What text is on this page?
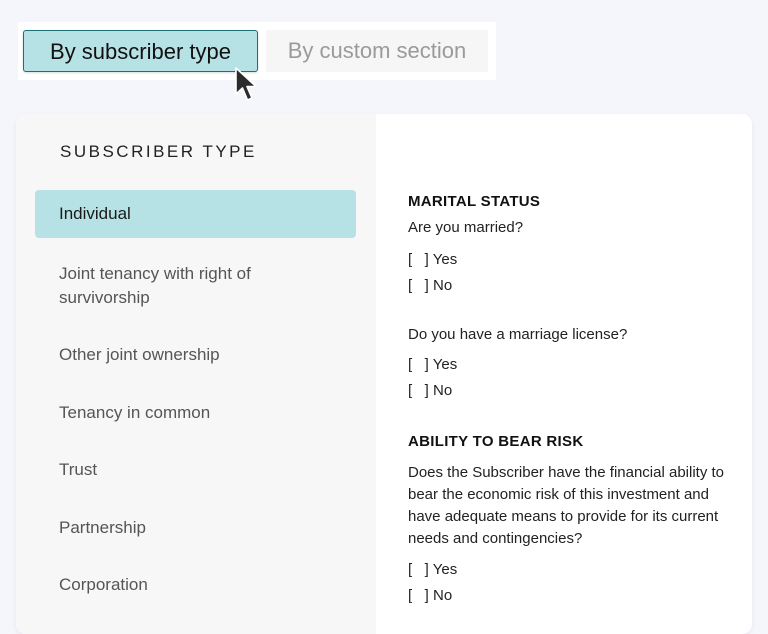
By subscriber type	By custom section
SUBSCRIBER TYPE
Individual
Joint tenancy with right of survivorship
Other joint ownership
Tenancy in common
Trust
Partnership
Corporation
MARITAL STATUS
Are you married?
[   ] Yes
[   ] No
Do you have a marriage license?
[   ] Yes
[   ] No
ABILITY TO BEAR RISK
Does the Subscriber have the financial ability to bear the economic risk of this investment and have adequate means to provide for its current needs and contingencies?
[   ] Yes
[   ] No
